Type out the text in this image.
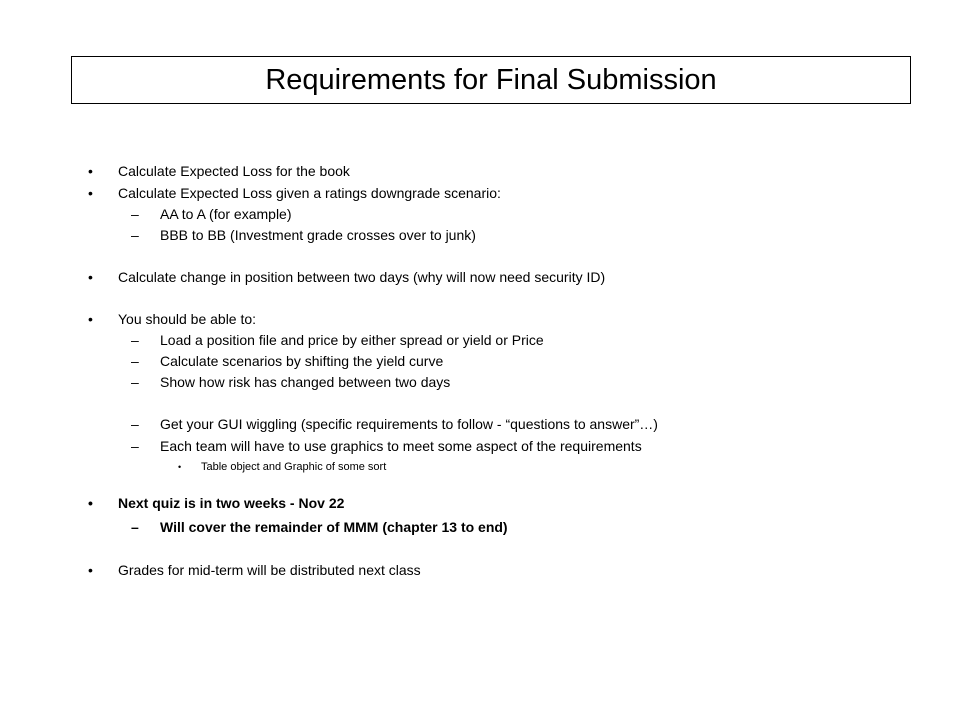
Requirements for Final Submission
• Calculate Expected Loss for the book
• Calculate Expected Loss given a ratings downgrade scenario:
– AA to A (for example)
– BBB to BB (Investment grade crosses over to junk)
• Calculate change in position between two days (why will now need security ID)
• You should be able to:
– Load a position file and price by either spread or yield or Price
– Calculate scenarios by shifting the yield curve
– Show how risk has changed between two days
– Get your GUI wiggling (specific requirements to follow - “questions to answer”…)
– Each team will have to use graphics to meet some aspect of the requirements
• Table object and Graphic of some sort
• Next quiz is in two weeks - Nov 22
– Will cover the remainder of MMM (chapter 13 to end)
• Grades for mid-term will be distributed next class
